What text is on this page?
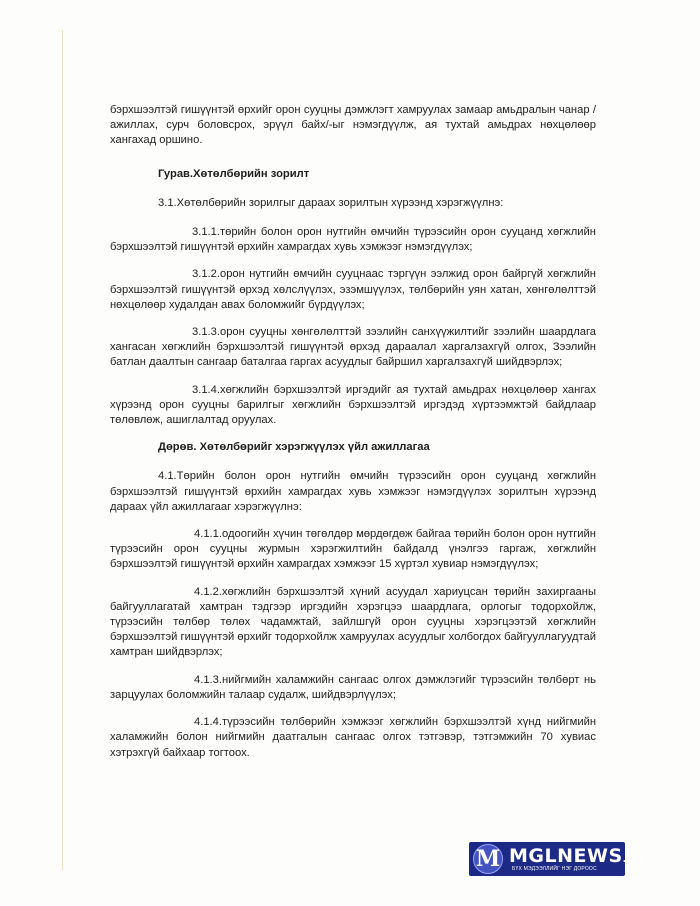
бэрхшээлтэй гишүүнтэй өрхийг орон сууцны дэмжлэгт хамруулах замаар амьдралын чанар /ажиллах, сурч боловсрох, эрүүл байх/-ыг нэмэгдүүлж, ая тухтай амьдрах нөхцөлөөр хангахад оршино.

Гурав.Хөтөлбөрийн зорилт

3.1.Хөтөлбөрийн зорилгыг дараах зорилтын хүрээнд хэрэгжүүлнэ:

3.1.1.төрийн болон орон нутгийн өмчийн түрээсийн орон сууцанд хөгжлийн бэрхшээлтэй гишүүнтэй өрхийн хамрагдах хувь хэмжээг нэмэгдүүлэх;

3.1.2.орон нутгийн өмчийн сууцнаас тэргүүн ээлжид орон байргүй хөгжлийн бэрхшээлтэй гишүүнтэй өрхэд хөлслүүлэх, эзэмшүүлэх, төлбөрийн уян хатан, хөнгөлөлттэй нөхцөлөөр худалдан авах боломжийг бүрдүүлэх;

3.1.3.орон сууцны хөнгөлөлттэй зээлийн санхүүжилтийг зээлийн шаардлага хангасан хөгжлийн бэрхшээлтэй гишүүнтэй өрхэд дараалал харгалзахгүй олгох, Зээлийн батлан даалтын сангаар баталгаа гаргах асуудлыг байршил харгалзахгүй шийдвэрлэх;

3.1.4.хөгжлийн бэрхшээлтэй иргэдийг ая тухтай амьдрах нөхцөлөөр хангах хүрээнд орон сууцны барилгыг хөгжлийн бэрхшээлтэй иргэдэд хүртээмжтэй байдлаар төлөвлөж, ашиглалтад оруулах.

Дөрөв. Хөтөлбөрийг хэрэгжүүлэх үйл ажиллагаа

4.1.Төрийн болон орон нутгийн өмчийн түрээсийн орон сууцанд хөгжлийн бэрхшээлтэй гишүүнтэй өрхийн хамрагдах хувь хэмжээг нэмэгдүүлэх зорилтын хүрээнд дараах үйл ажиллагааг хэрэгжүүлнэ:

4.1.1.одоогийн хүчин төгөлдөр мөрдөгдөж байгаа төрийн болон орон нутгийн түрээсийн орон сууцны журмын хэрэгжилтийн байдалд үнэлгээ гаргаж, хөгжлийн бэрхшээлтэй гишүүнтэй өрхийн хамрагдах хэмжээг 15 хүртэл хувиар нэмэгдүүлэх;

4.1.2.хөгжлийн бэрхшээлтэй хүний асуудал хариуцсан төрийн захиргааны байгууллагатай хамтран тэдгээр иргэдийн хэрэгцээ шаардлага, орлогыг тодорхойлж, түрээсийн төлбөр төлөх чадамжтай, зайлшгүй орон сууцны хэрэгцээтэй хөгжлийн бэрхшээлтэй гишүүнтэй өрхийг тодорхойлж хамруулах асуудлыг холбогдох байгууллагуудтай хамтран шийдвэрлэх;

4.1.3.нийгмийн халамжийн сангаас олгох дэмжлэгийг түрээсийн төлбөрт нь зарцуулах боломжийн талаар судалж, шийдвэрлүүлэх;

4.1.4.түрээсийн төлбөрийн хэмжээг хөгжлийн бэрхшээлтэй хүнд нийгмийн халамжийн болон нийгмийн даатгалын сангаас олгох тэтгэвэр, тэтгэмжийн 70 хувиас хэтрэхгүй байхаар тогтоох.

M MGLNEWS.MN
БҮХ МЭДЭЭЛЛИЙГ НЭГ ДОРООС
